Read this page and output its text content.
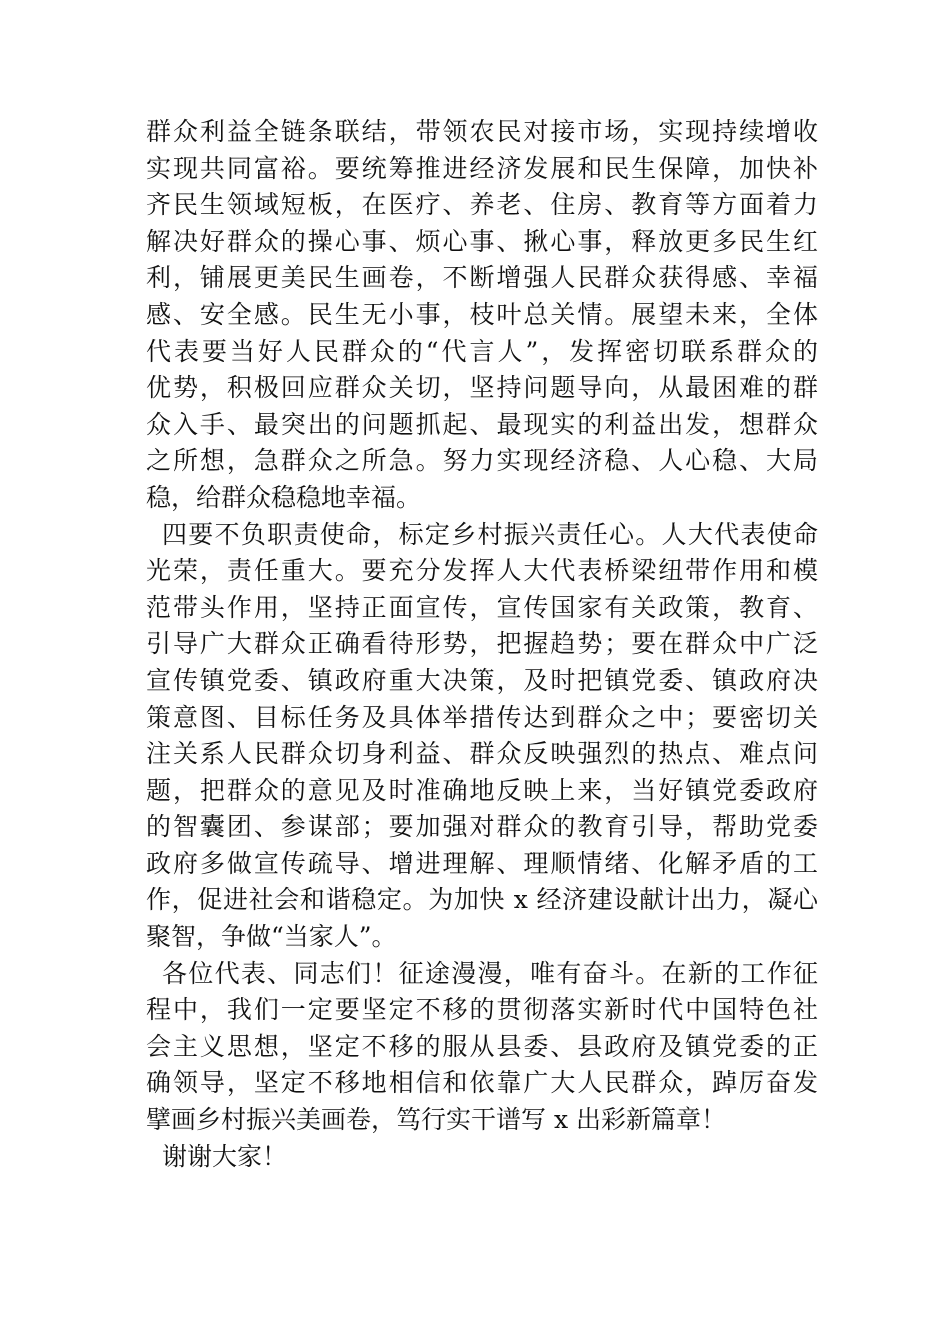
群众利益全链条联结，带领农民对接市场，实现持续增收
实现共同富裕。要统筹推进经济发展和民生保障，加快补
齐民生领域短板，在医疗、养老、住房、教育等方面着力
解决好群众的操心事、烦心事、揪心事，释放更多民生红
利，铺展更美民生画卷，不断增强人民群众获得感、幸福
感、安全感。民生无小事，枝叶总关情。展望未来，全体
代表要当好人民群众的“代言人”，发挥密切联系群众的
优势，积极回应群众关切，坚持问题导向，从最困难的群
众入手、最突出的问题抓起、最现实的利益出发，想群众
之所想，急群众之所急。努力实现经济稳、人心稳、大局
稳，给群众稳稳地幸福。
四要不负职责使命，标定乡村振兴责任心。人大代表使命
光荣，责任重大。要充分发挥人大代表桥梁纽带作用和模
范带头作用，坚持正面宣传，宣传国家有关政策，教育、
引导广大群众正确看待形势，把握趋势；要在群众中广泛
宣传镇党委、镇政府重大决策，及时把镇党委、镇政府决
策意图、目标任务及具体举措传达到群众之中；要密切关
注关系人民群众切身利益、群众反映强烈的热点、难点问
题，把群众的意见及时准确地反映上来，当好镇党委政府
的智囊团、参谋部；要加强对群众的教育引导，帮助党委
政府多做宣传疏导、增进理解、理顺情绪、化解矛盾的工
作，促进社会和谐稳定。为加快 x 经济建设献计出力，凝心
聚智，争做“当家人”。
各位代表、同志们！征途漫漫，唯有奋斗。在新的工作征
程中，我们一定要坚定不移的贯彻落实新时代中国特色社
会主义思想，坚定不移的服从县委、县政府及镇党委的正
确领导，坚定不移地相信和依靠广大人民群众，踔厉奋发
擘画乡村振兴美画卷，笃行实干谱写 x 出彩新篇章！
谢谢大家！
